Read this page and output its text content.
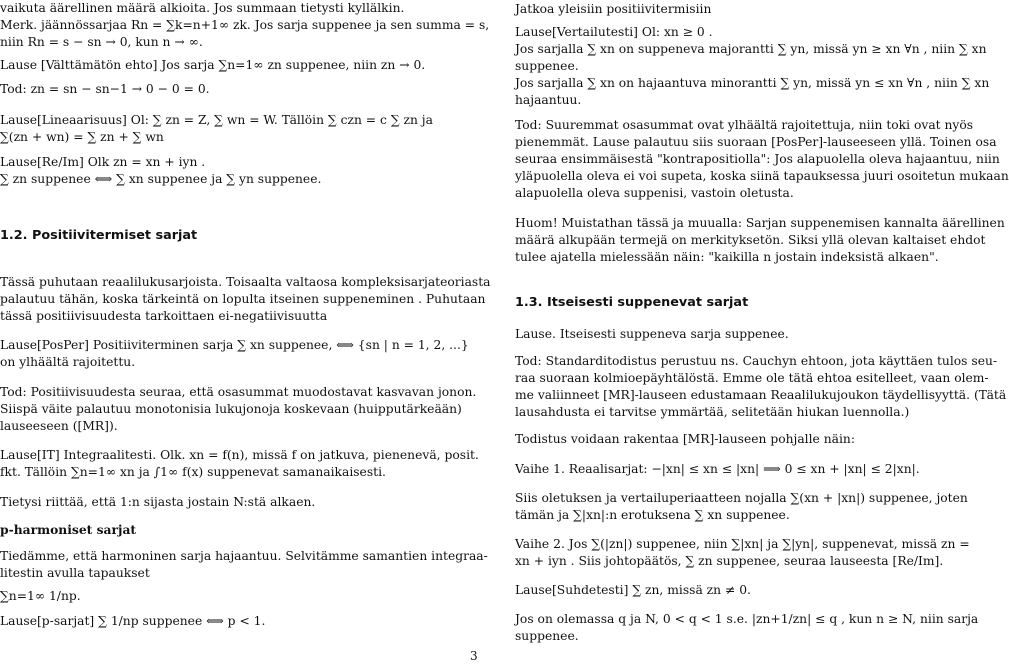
vaikuta äärellinen määrä alkioita. Jos summaan tietysti kyllälkin.
Merk. jäännössarjaa Rn = ∑k=n+1∞ zk. Jos sarja suppenee ja sen summa = s,
niin Rn = s − sn → 0, kun n → ∞.
Lause [Välttämätön ehto] Jos sarja ∑n=1∞ zn suppenee, niin zn → 0.
Tod: zn = sn − sn−1 → 0 − 0 = 0.
Lause[Lineaarisuus] Ol: ∑ zn = Z, ∑ wn = W. Tällöin ∑ czn = c ∑ zn ja
∑(zn + wn) = ∑ zn + ∑ wn
Lause[Re/Im] Olk zn = xn + iyn .
∑ zn suppenee ⟺ ∑ xn suppenee ja ∑ yn suppenee.
1.2. Positiivitermiset sarjat
Tässä puhutaan reaalilukusarjoista. Toisaalta valtaosa kompleksisarjateoriasta
palautuu tähän, koska tärkeintä on lopulta itseinen suppeneminen . Puhutaan
tässä positiivisuudesta tarkoittaen ei-negatiivisuutta
Lause[PosPer] Positiiviterminen sarja ∑ xn suppenee, ⟺ {sn | n = 1, 2, ...}
on ylhäältä rajoitettu.
Tod: Positiivisuudesta seuraa, että osasummat muodostavat kasvavan jonon.
Siispä väite palautuu monotonisia lukujonoja koskevaan (huipputärkeään)
lauseeseen ([MR]).
Lause[IT] Integraalitesti. Olk. xn = f(n), missä f on jatkuva, pienenevä, posit.
fkt. Tällöin ∑n=1∞ xn ja ∫1∞ f(x) suppenevat samanaikaisesti.
Tietysi riittää, että 1:n sijasta jostain N:stä alkaen.
p-harmoniset sarjat
Tiedämme, että harmoninen sarja hajaantuu. Selvitämme samantien integraa-
litestin avulla tapaukset
∑n=1∞ 1/np.
Lause[p-sarjat] ∑ 1/np suppenee ⟺ p < 1.
Jatkoa yleisiin positiivitermisiin
Lause[Vertailutesti] Ol: xn ≥ 0 .
Jos sarjalla ∑ xn on suppeneva majorantti ∑ yn, missä yn ≥ xn ∀n , niin ∑ xn
suppenee.
Jos sarjalla ∑ xn on hajaantuva minorantti ∑ yn, missä yn ≤ xn ∀n , niin ∑ xn
hajaantuu.
Tod: Suuremmat osasummat ovat ylhäältä rajoitettuja, niin toki ovat nyös
pienemmät. Lause palautuu siis suoraan [PosPer]-lauseeseen yllä. Toinen osa
seuraa ensimmäisestä "kontrapositiolla": Jos alapuolella oleva hajaantuu, niin
yläpuolella oleva ei voi supeta, koska siinä tapauksessa juuri osoitetun mukaan
alapuolella oleva suppenisi, vastoin oletusta.
Huom! Muistathan tässä ja muualla: Sarjan suppenemisen kannalta äärellinen
määrä alkupään termejä on merkityksetön. Siksi yllä olevan kaltaiset ehdot
tulee ajatella mielessään näin: "kaikilla n jostain indeksistä alkaen".
1.3. Itseisesti suppenevat sarjat
Lause. Itseisesti suppeneva sarja suppenee.
Tod: Standarditodistus perustuu ns. Cauchyn ehtoon, jota käyttäen tulos seu-
raa suoraan kolmioepäyhtälöstä. Emme ole tätä ehtoa esitelleet, vaan olem-
me valiinneet [MR]-lauseen edustamaan Reaalilukujoukon täydellisyyttä. (Tätä
lausahdusta ei tarvitse ymmärtää, selitetään hiukan luennolla.)
Todistus voidaan rakentaa [MR]-lauseen pohjalle näin:
Vaihe 1. Reaalisarjat: −|xn| ≤ xn ≤ |xn| ⟹ 0 ≤ xn + |xn| ≤ 2|xn|.
Siis oletuksen ja vertailuperiaatteen nojalla ∑(xn + |xn|) suppenee, joten
tämän ja ∑|xn|:n erotuksena ∑ xn suppenee.
Vaihe 2. Jos ∑(|zn|) suppenee, niin ∑|xn| ja ∑|yn|, suppenevat, missä zn =
xn + iyn . Siis johtopäätös, ∑ zn suppenee, seuraa lauseesta [Re/Im].
Lause[Suhdetesti] ∑ zn, missä zn ≠ 0.
Jos on olemassa q ja N, 0 < q < 1 s.e. |zn+1/zn| ≤ q , kun n ≥ N, niin sarja
suppenee.
3
